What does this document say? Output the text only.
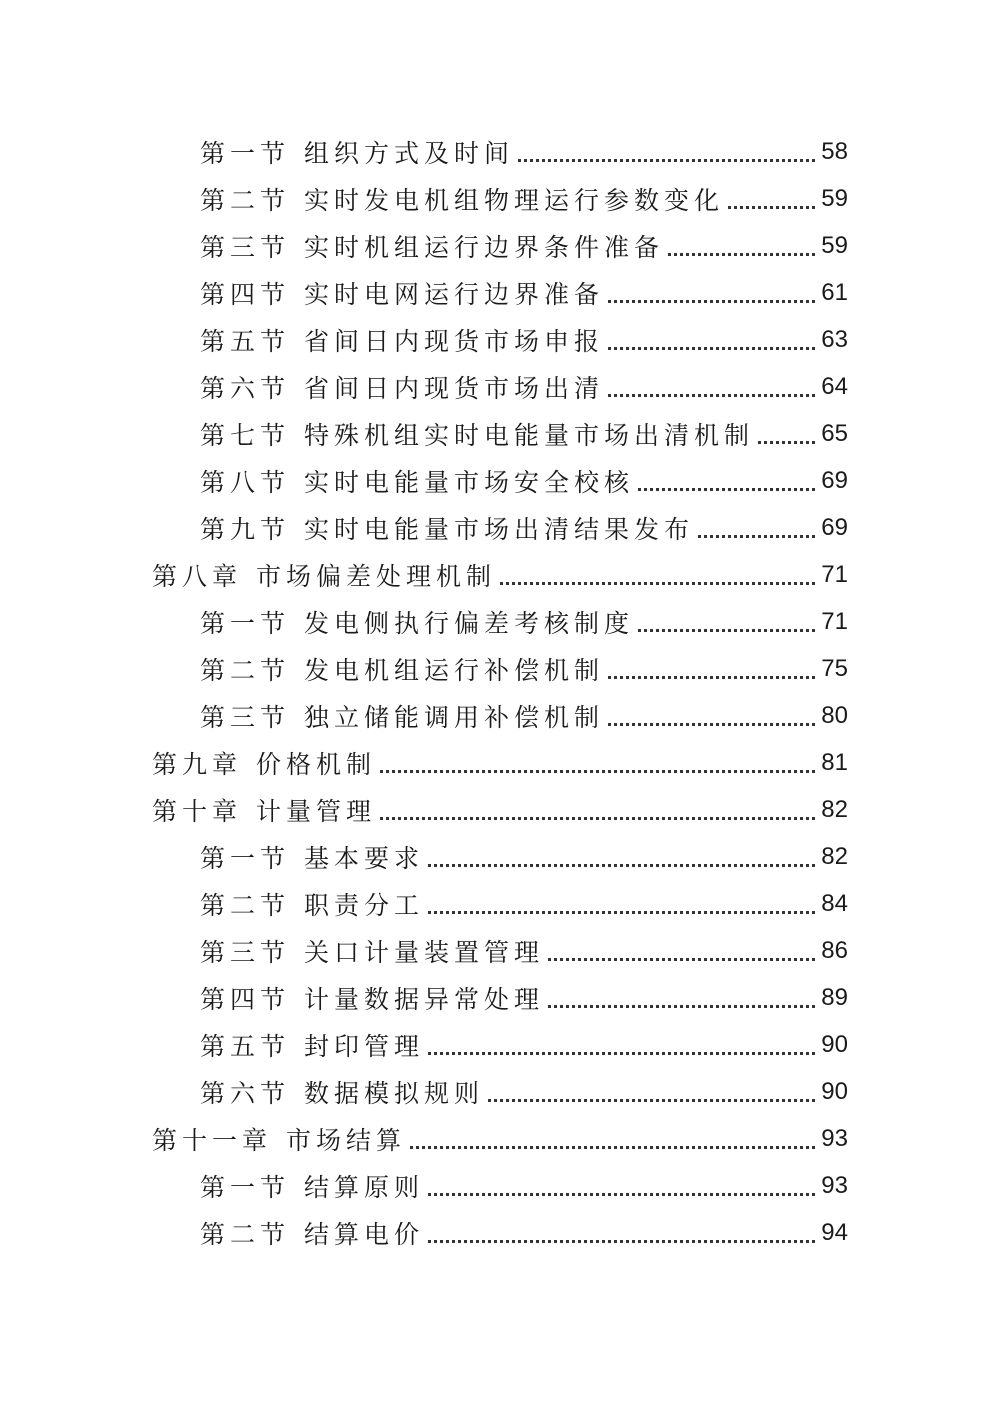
第一节 组织方式及时间	58
第二节 实时发电机组物理运行参数变化	59
第三节 实时机组运行边界条件准备	59
第四节 实时电网运行边界准备	61
第五节 省间日内现货市场申报	63
第六节 省间日内现货市场出清	64
第七节 特殊机组实时电能量市场出清机制	65
第八节 实时电能量市场安全校核	69
第九节 实时电能量市场出清结果发布	69
第八章 市场偏差处理机制	71
第一节 发电侧执行偏差考核制度	71
第二节 发电机组运行补偿机制	75
第三节 独立储能调用补偿机制	80
第九章 价格机制	81
第十章 计量管理	82
第一节 基本要求	82
第二节 职责分工	84
第三节 关口计量装置管理	86
第四节 计量数据异常处理	89
第五节 封印管理	90
第六节 数据模拟规则	90
第十一章 市场结算	93
第一节 结算原则	93
第二节 结算电价	94
